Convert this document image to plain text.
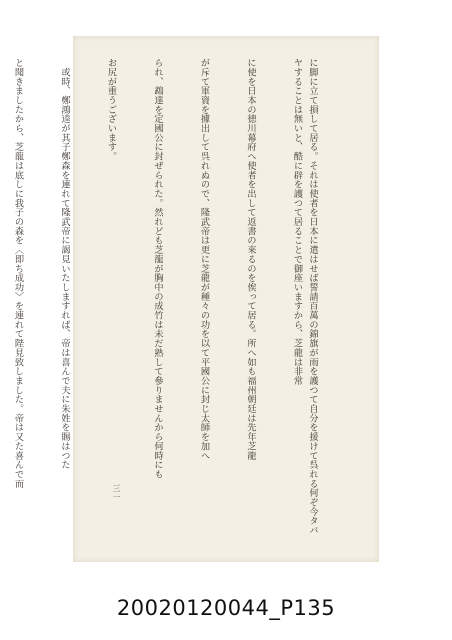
に脚に立て損して居る。それは使者を日本に遣はせば誓請百萬の錦旗が雨を護つて自分を援けて呉れる何ぞ今タバヤすることは無いと、酷に辟を護つて居ることで御座いますから、芝龍は非常

に使を日本の徳川幕府へ使者を出して返書の來るのを俟って居る。所へ如も福州朝廷は先年芝龍

が斥て軍資を據出して呉れぬので、隆武帝は更に芝龍が種々の功を以て平國公に封じ太師を加へ

られ、鵡達を定國公に封ぜられた。然れども芝龍が胸中の成竹は未だ熟して參りませんから何時にも

お尻が重うございます。

　或時、鄭鴻逵が其子鄭森を連れて隆武帝に謁見いたしますれば、帝は喜んで夫に朱姓を賜はつた

と聞きましたから、芝龍は底しに我子の森を〈即ち成功〉を連れて陛見致しました。帝は又た喜んで而

三一
20020120044_P135
